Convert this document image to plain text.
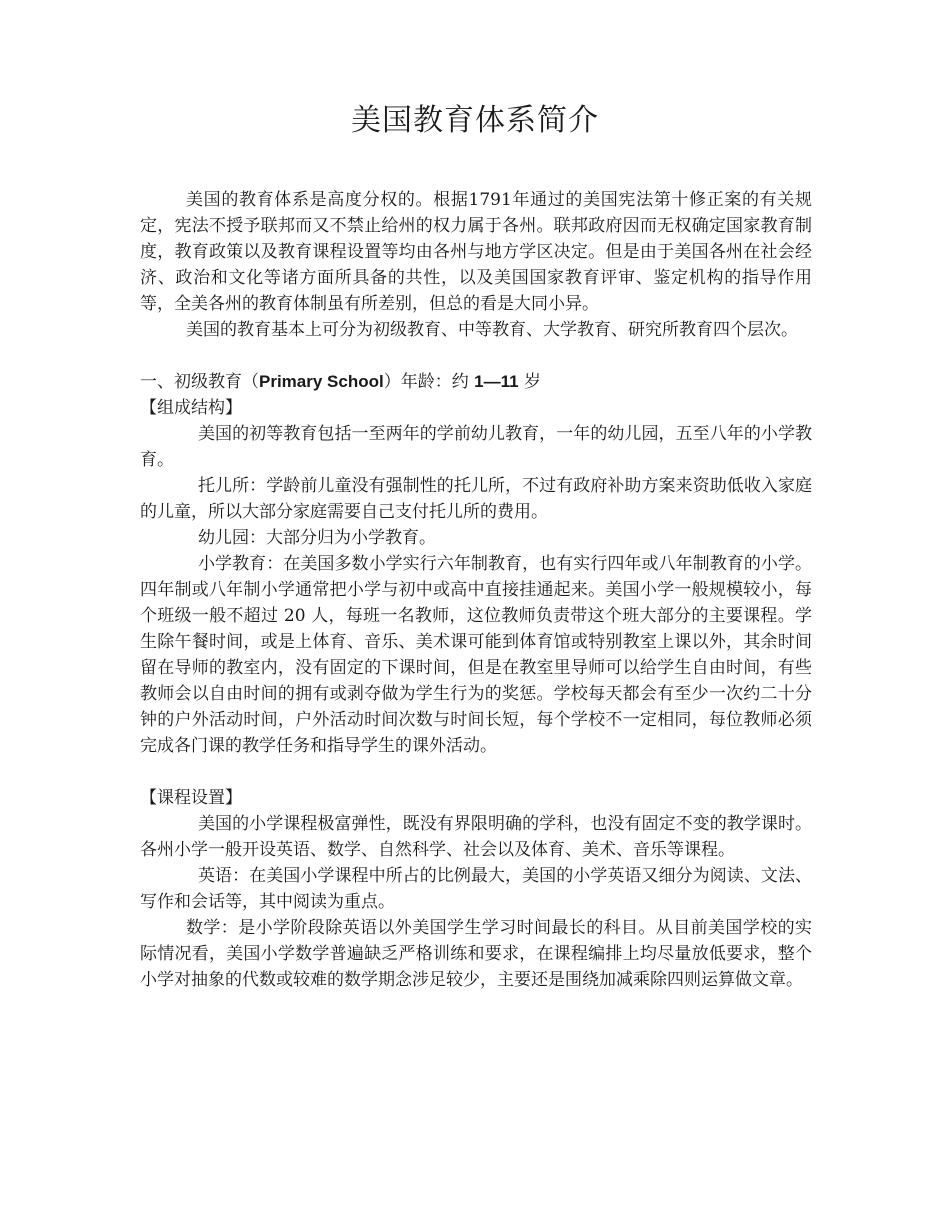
美国教育体系简介

美国的教育体系是高度分权的。根据1791年通过的美国宪法第十修正案的有关规定，宪法不授予联邦而又不禁止给州的权力属于各州。联邦政府因而无权确定国家教育制度，教育政策以及教育课程设置等均由各州与地方学区决定。但是由于美国各州在社会经济、政治和文化等诸方面所具备的共性，以及美国国家教育评审、鉴定机构的指导作用等，全美各州的教育体制虽有所差别，但总的看是大同小异。

美国的教育基本上可分为初级教育、中等教育、大学教育、研究所教育四个层次。

一、初级教育（Primary School）年龄：约 1—11 岁

【组成结构】

美国的初等教育包括一至两年的学前幼儿教育，一年的幼儿园，五至八年的小学教育。

托儿所：学龄前儿童没有强制性的托儿所，不过有政府补助方案来资助低收入家庭的儿童，所以大部分家庭需要自己支付托儿所的费用。

幼儿园：大部分归为小学教育。

小学教育：在美国多数小学实行六年制教育，也有实行四年或八年制教育的小学。四年制或八年制小学通常把小学与初中或高中直接挂通起来。美国小学一般规模较小，每个班级一般不超过 20 人，每班一名教师，这位教师负责带这个班大部分的主要课程。学生除午餐时间，或是上体育、音乐、美术课可能到体育馆或特别教室上课以外，其余时间留在导师的教室内，没有固定的下课时间，但是在教室里导师可以给学生自由时间，有些教师会以自由时间的拥有或剥夺做为学生行为的奖惩。学校每天都会有至少一次约二十分钟的户外活动时间，户外活动时间次数与时间长短，每个学校不一定相同，每位教师必须完成各门课的教学任务和指导学生的课外活动。

【课程设置】

美国的小学课程极富弹性，既没有界限明确的学科，也没有固定不变的教学课时。各州小学一般开设英语、数学、自然科学、社会以及体育、美术、音乐等课程。

英语：在美国小学课程中所占的比例最大，美国的小学英语又细分为阅读、文法、写作和会话等，其中阅读为重点。

数学：是小学阶段除英语以外美国学生学习时间最长的科目。从目前美国学校的实际情况看，美国小学数学普遍缺乏严格训练和要求，在课程编排上均尽量放低要求，整个小学对抽象的代数或较难的数学期念涉足较少，主要还是围绕加减乘除四则运算做文章。
